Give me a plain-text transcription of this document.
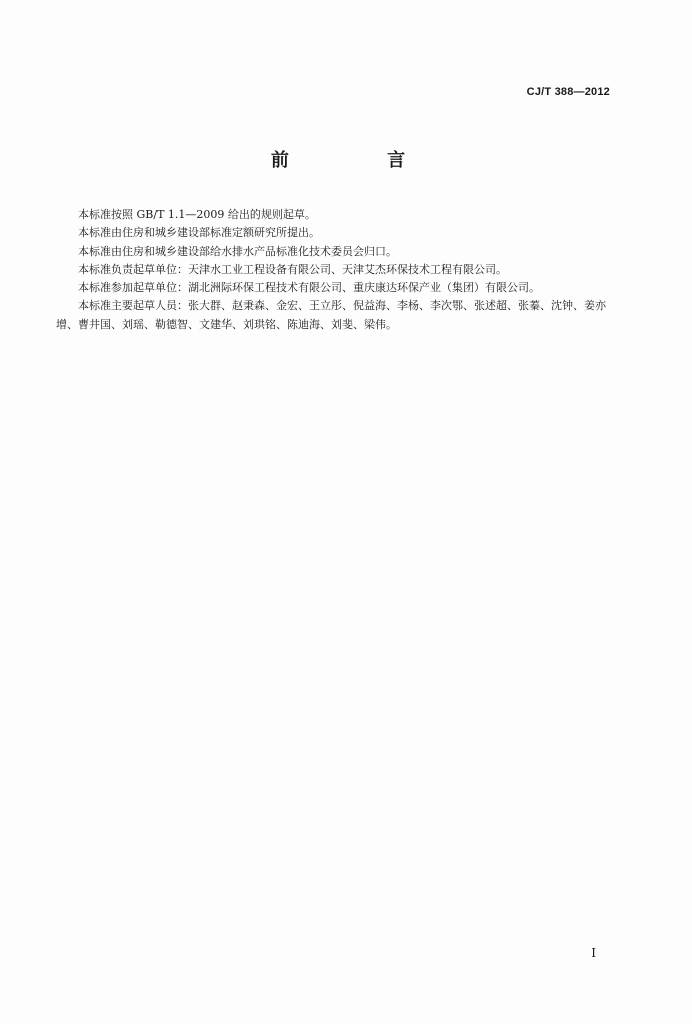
CJ/T 388—2012
前 言

本标准按照 GB/T 1.1—2009 给出的规则起草。

本标准由住房和城乡建设部标准定额研究所提出。

本标准由住房和城乡建设部给水排水产品标准化技术委员会归口。

本标准负责起草单位：天津水工业工程设备有限公司、天津艾杰环保技术工程有限公司。

本标准参加起草单位：湖北洲际环保工程技术有限公司、重庆康达环保产业（集团）有限公司。

本标准主要起草人员：张大群、赵秉森、金宏、王立彤、倪益海、李杨、李次鄂、张述超、张蓁、沈钟、姜亦增、曹井国、刘瑶、勒德智、文建华、刘珙铭、陈迪海、刘斐、梁伟。

I
